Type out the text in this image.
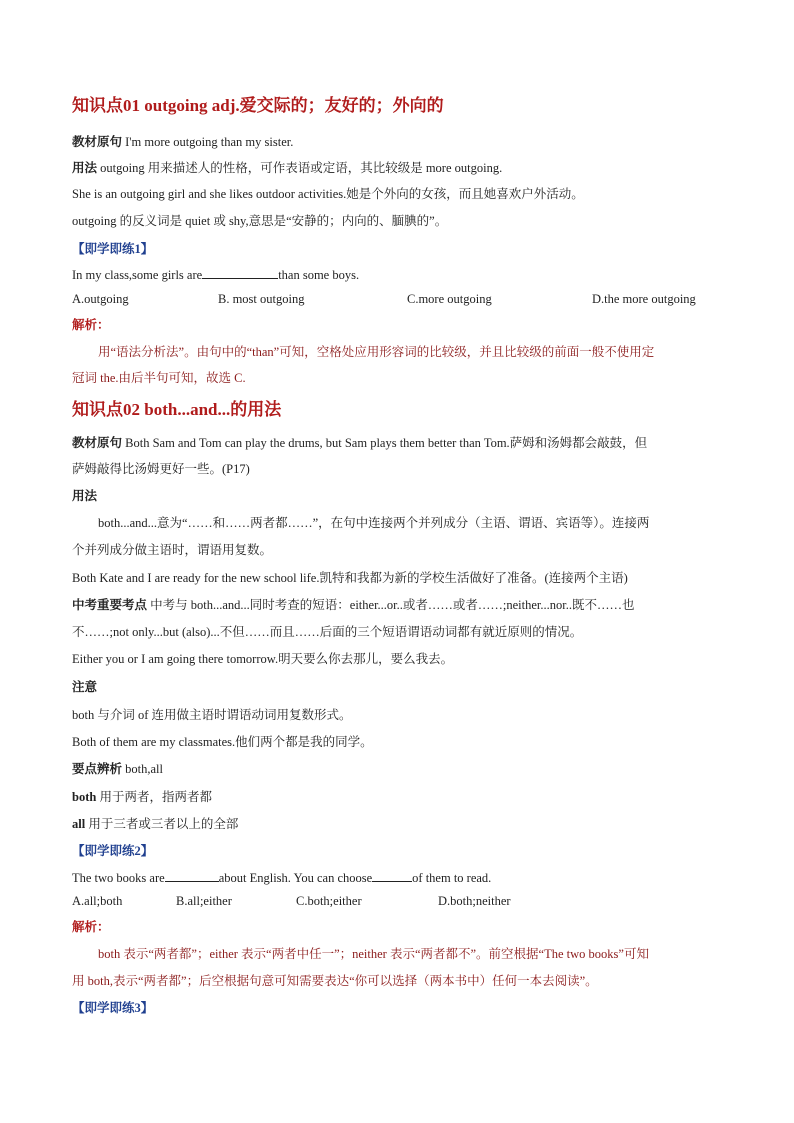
知识点01 outgoing adj.爱交际的；友好的；外向的
教材原句 I'm more outgoing than my sister.
用法 outgoing 用来描述人的性格，可作表语或定语，其比较级是 more outgoing.
She is an outgoing girl and she likes outdoor activities.她是个外向的女孩，而且她喜欢户外活动。
outgoing 的反义词是 quiet 或 shy,意思是“安静的；内向的、腼腆的”。
【即学即练1】
In my class,some girls are	than some boys.
A.outgoing	B. most outgoing	C.more outgoing	D.the more outgoing
解析：
用“语法分析法”。由句中的“than”可知，空格处应用形容词的比较级，并且比较级的前面一般不使用定
冠词 the.由后半句可知，故选 C.
知识点02 both...and...的用法
教材原句 Both Sam and Tom can play the drums, but Sam plays them better than Tom.萨姆和汤姆都会敲鼓，但
萨姆敲得比汤姆更好一些。(P17)
用法
both...and...意为“……和……两者都……”，在句中连接两个并列成分（主语、谓语、宾语等）。连接两
个并列成分做主语时，谓语用复数。
Both Kate and I are ready for the new school life.凯特和我都为新的学校生活做好了准备。(连接两个主语)
中考重要考点 中考与 both...and...同时考查的短语：either...or..或者……或者……;neither...nor..既不……也
不……;not only...but (also)...不但……而且……后面的三个短语谓语动词都有就近原则的情况。
Either you or I am going there tomorrow.明天要么你去那儿，要么我去。
注意
both 与介词 of 连用做主语时谓语动词用复数形式。
Both of them are my classmates.他们两个都是我的同学。
要点辨析 both,all
both 用于两者，指两者都
all 用于三者或三者以上的全部
【即学即练2】
The two books are	about English. You can choose	of them to read.
A.all;both	B.all;either	C.both;either	D.both;neither
解析：
both 表示“两者都”；either 表示“两者中任一”；neither 表示“两者都不”。前空根据“The two books”可知
用 both,表示“两者都”；后空根据句意可知需要表达“你可以选择（两本书中）任何一本去阅读”。
【即学即练3】
